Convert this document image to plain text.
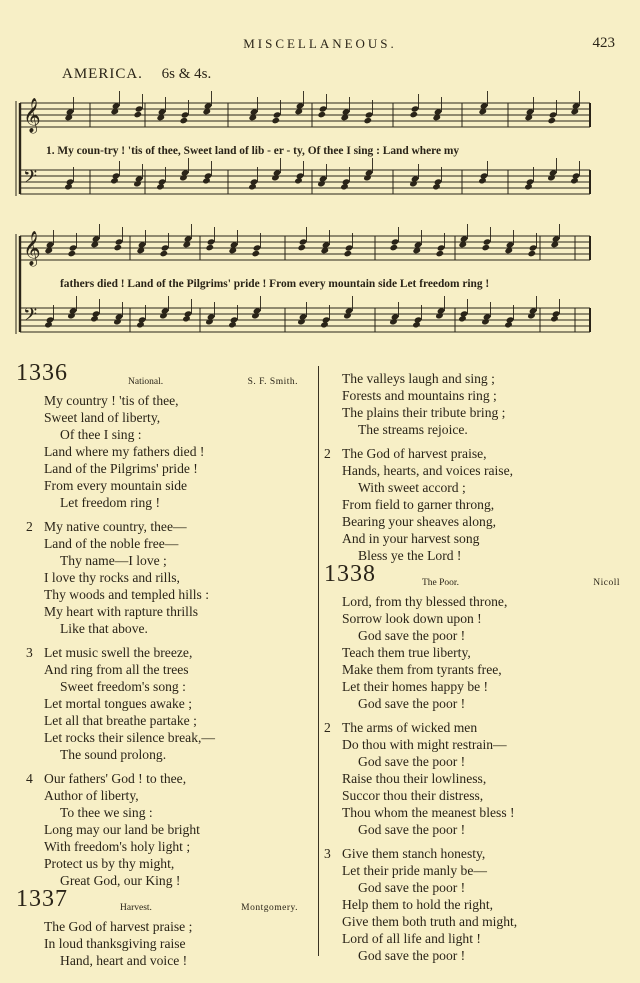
MISCELLANEOUS.	423
AMERICA. 6s & 4s.
𝄞
𝄢
𝄞
𝄢
1. My coun-try ! 'tis of thee, Sweet land of lib - er - ty, Of thee I sing : Land where my
fathers died ! Land of the Pilgrims' pride ! From every mountain side Let freedom ring !
1336	National.	S. F. Smith.
My country ! 'tis of thee,
Sweet land of liberty,
Of thee I sing :
Land where my fathers died !
Land of the Pilgrims' pride !
From every mountain side
Let freedom ring !
2 My native country, thee—
Land of the noble free—
Thy name—I love ;
I love thy rocks and rills,
Thy woods and templed hills :
My heart with rapture thrills
Like that above.
3 Let music swell the breeze,
And ring from all the trees
Sweet freedom's song :
Let mortal tongues awake ;
Let all that breathe partake ;
Let rocks their silence break,—
The sound prolong.
4 Our fathers' God ! to thee,
Author of liberty,
To thee we sing :
Long may our land be bright
With freedom's holy light ;
Protect us by thy might,
Great God, our King !
1337	Harvest.	Montgomery.
The God of harvest praise ;
In loud thanksgiving raise
Hand, heart and voice !
The valleys laugh and sing ;
Forests and mountains ring ;
The plains their tribute bring ;
The streams rejoice.
2 The God of harvest praise,
Hands, hearts, and voices raise,
With sweet accord ;
From field to garner throng,
Bearing your sheaves along,
And in your harvest song
Bless ye the Lord !
1338	The Poor.	Nicoll
Lord, from thy blessed throne,
Sorrow look down upon !
God save the poor !
Teach them true liberty,
Make them from tyrants free,
Let their homes happy be !
God save the poor !
2 The arms of wicked men
Do thou with might restrain—
God save the poor !
Raise thou their lowliness,
Succor thou their distress,
Thou whom the meanest bless !
God save the poor !
3 Give them stanch honesty,
Let their pride manly be—
God save the poor !
Help them to hold the right,
Give them both truth and might,
Lord of all life and light !
God save the poor !
